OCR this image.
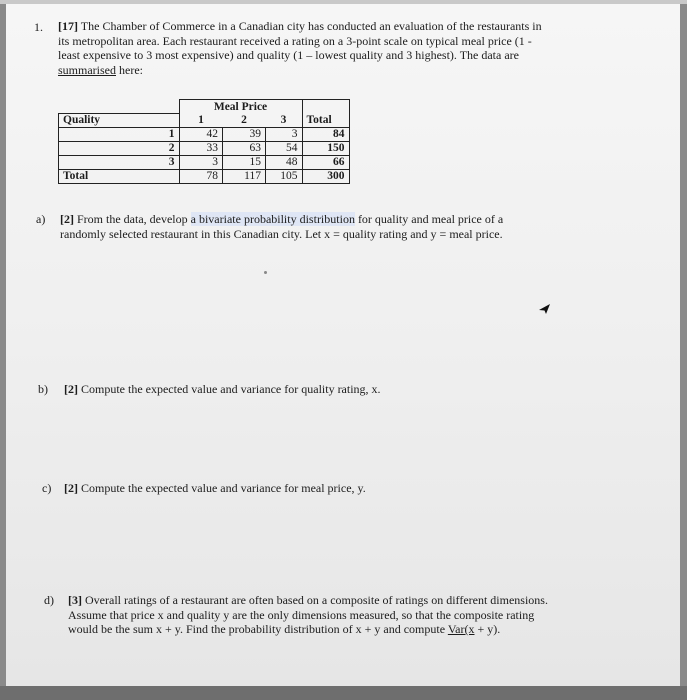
1. [17] The Chamber of Commerce in a Canadian city has conducted an evaluation of the restaurants in
its metropolitan area. Each restaurant received a rating on a 3-point scale on typical meal price (1 -
least expensive to 3 most expensive) and quality (1 – lowest quality and 3 highest). The data are
summarised here:
	Meal Price			
Quality	1	2	3	Total
1	42	39	3	84
2	33	63	54	150
3	3	15	48	66
Total	78	117	105	300
a) [2] From the data, develop a bivariate probability distribution for quality and meal price of a
randomly selected restaurant in this Canadian city. Let x = quality rating and y = meal price.
b) [2] Compute the expected value and variance for quality rating, x.
c) [2] Compute the expected value and variance for meal price, y.
d) [3] Overall ratings of a restaurant are often based on a composite of ratings on different dimensions.
Assume that price x and quality y are the only dimensions measured, so that the composite rating
would be the sum x + y. Find the probability distribution of x + y and compute Var(x + y).
